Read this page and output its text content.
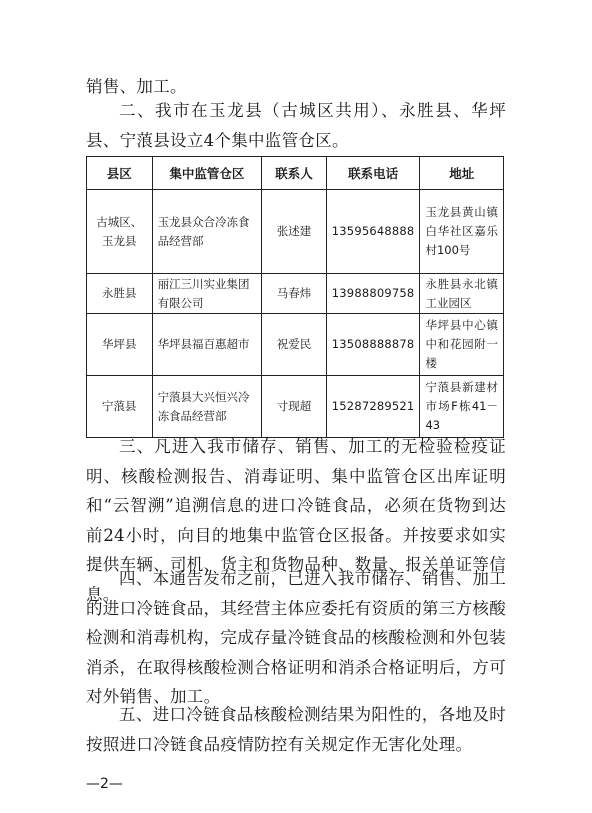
销售、加工。

二、我市在玉龙县（古城区共用）、永胜县、华坪县、宁蒗县设立4个集中监管仓区。

县区	集中监管仓区	联系人	联系电话	地址
古城区、玉龙县	玉龙县众合冷冻食品经营部	张述建	13595648888	玉龙县黄山镇白华社区嘉乐村100号
永胜县	丽江三川实业集团有限公司	马春炜	13988809758	永胜县永北镇工业园区
华坪县	华坪县福百惠超市	祝爱民	13508888878	华坪县中心镇中和花园附一楼
宁蒗县	宁蒗县大兴恒兴冷冻食品经营部	寸现超	15287289521	宁蒗县新建材市场F栋41－43

三、凡进入我市储存、销售、加工的无检验检疫证明、核酸检测报告、消毒证明、集中监管仓区出库证明和“云智溯”追溯信息的进口冷链食品，必须在货物到达前24小时，向目的地集中监管仓区报备。并按要求如实提供车辆、司机、货主和货物品种、数量、报关单证等信息。

四、本通告发布之前，已进入我市储存、销售、加工的进口冷链食品，其经营主体应委托有资质的第三方核酸检测和消毒机构，完成存量冷链食品的核酸检测和外包装消杀，在取得核酸检测合格证明和消杀合格证明后，方可对外销售、加工。

五、进口冷链食品核酸检测结果为阳性的，各地及时按照进口冷链食品疫情防控有关规定作无害化处理。

—2—
